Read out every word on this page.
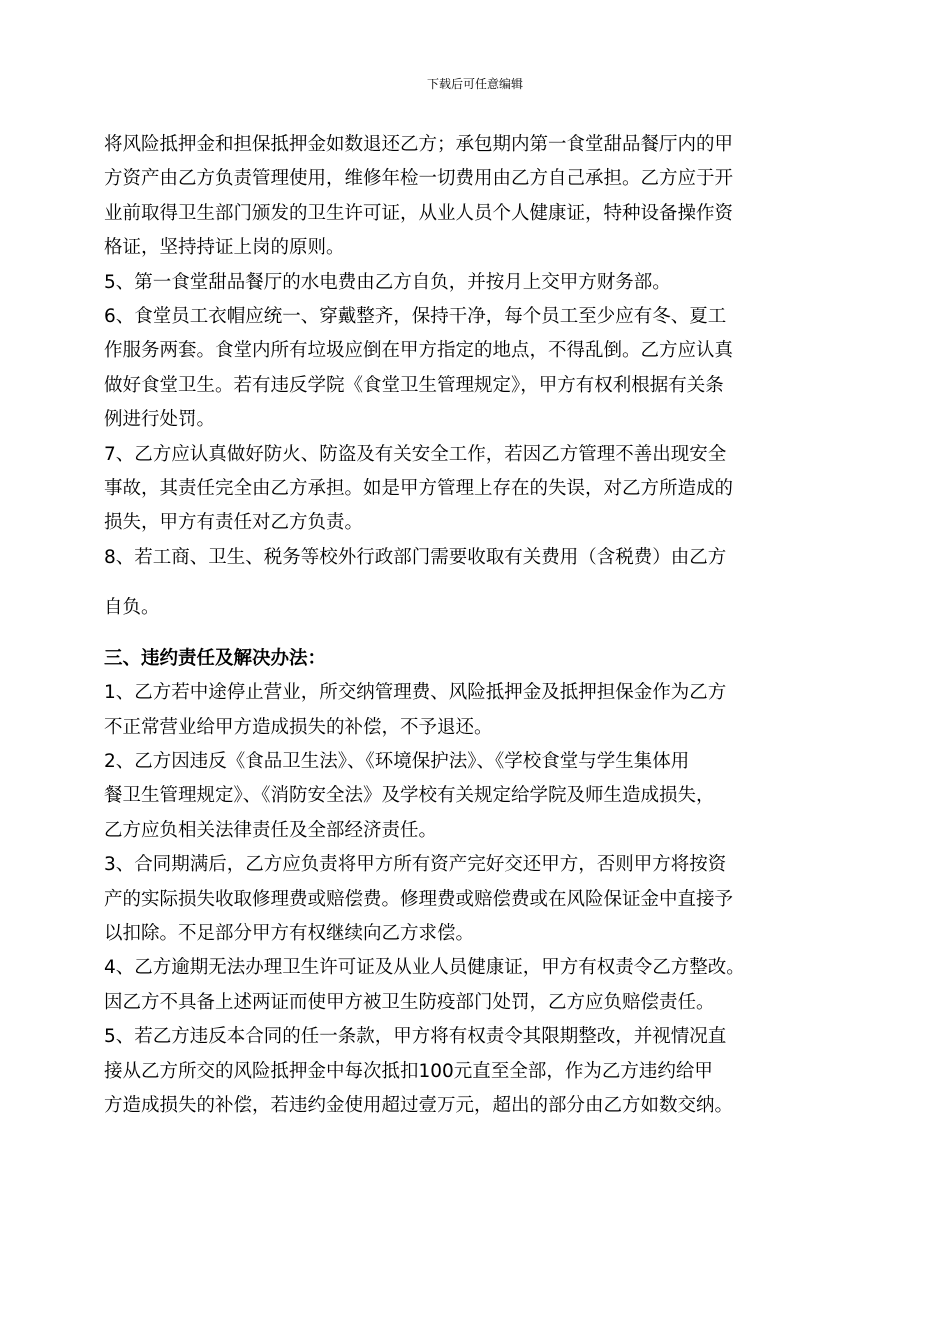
下载后可任意编辑

将风险抵押金和担保抵押金如数退还乙方；承包期内第一食堂甜品餐厅内的甲

方资产由乙方负责管理使用，维修年检一切费用由乙方自己承担。乙方应于开

业前取得卫生部门颁发的卫生许可证，从业人员个人健康证，特种设备操作资

格证，坚持持证上岗的原则。

5、第一食堂甜品餐厅的水电费由乙方自负，并按月上交甲方财务部。

6、食堂员工衣帽应统一、穿戴整齐，保持干净，每个员工至少应有冬、夏工

作服务两套。食堂内所有垃圾应倒在甲方指定的地点，不得乱倒。乙方应认真

做好食堂卫生。若有违反学院《食堂卫生管理规定》，甲方有权利根据有关条

例进行处罚。

7、乙方应认真做好防火、防盗及有关安全工作，若因乙方管理不善出现安全

事故，其责任完全由乙方承担。如是甲方管理上存在的失误，对乙方所造成的

损失，甲方有责任对乙方负责。

8、若工商、卫生、税务等校外行政部门需要收取有关费用（含税费）由乙方

自负。

三、违约责任及解决办法：

1、乙方若中途停止营业，所交纳管理费、风险抵押金及抵押担保金作为乙方

不正常营业给甲方造成损失的补偿，不予退还。

2、乙方因违反《食品卫生法》、《环境保护法》、《学校食堂与学生集体用

餐卫生管理规定》、《消防安全法》及学校有关规定给学院及师生造成损失，

乙方应负相关法律责任及全部经济责任。

3、合同期满后，乙方应负责将甲方所有资产完好交还甲方，否则甲方将按资

产的实际损失收取修理费或赔偿费。修理费或赔偿费或在风险保证金中直接予

以扣除。不足部分甲方有权继续向乙方求偿。

4、乙方逾期无法办理卫生许可证及从业人员健康证，甲方有权责令乙方整改。

因乙方不具备上述两证而使甲方被卫生防疫部门处罚，乙方应负赔偿责任。

5、若乙方违反本合同的任一条款，甲方将有权责令其限期整改，并视情况直

接从乙方所交的风险抵押金中每次抵扣100元直至全部，作为乙方违约给甲

方造成损失的补偿，若违约金使用超过壹万元，超出的部分由乙方如数交纳。
